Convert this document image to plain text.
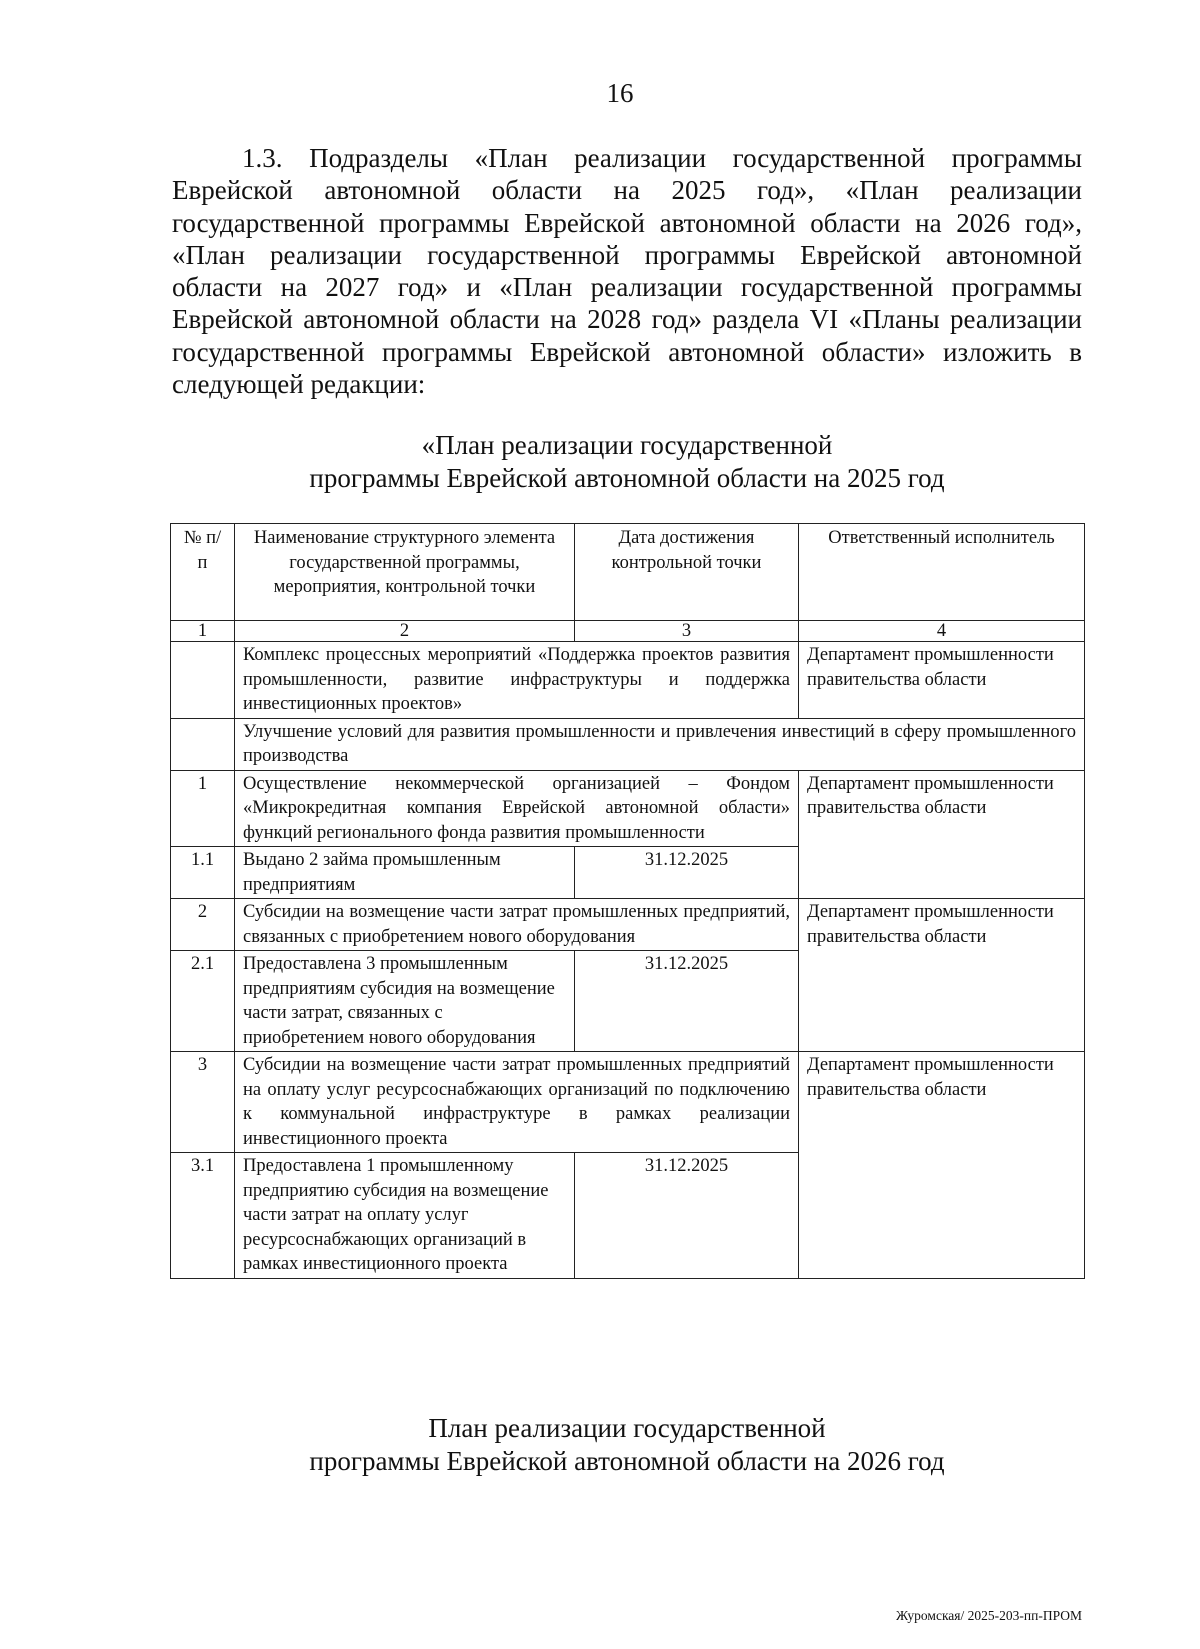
16

1.3. Подразделы «План реализации государственной программы Еврейской автономной области на 2025 год», «План реализации государственной программы Еврейской автономной области на 2026 год», «План реализации государственной программы Еврейской автономной области на 2027 год» и «План реализации государственной программы Еврейской автономной области на 2028 год» раздела VI «Планы реализации государственной программы Еврейской автономной области» изложить в следующей редакции:

«План реализации государственной
программы Еврейской автономной области на 2025 год
№ п/п	Наименование структурного элемента государственной программы, мероприятия, контрольной точки	Дата достижения контрольной точки	Ответственный исполнитель
1	2	3	4
	Комплекс процессных мероприятий «Поддержка проектов развития промышленности, развитие инфраструктуры и поддержка инвестиционных проектов»		Департамент промышленности правительства области
	Улучшение условий для развития промышленности и привлечения инвестиций в сферу промышленного производства		
1	Осуществление некоммерческой организацией – Фондом «Микрокредитная компания Еврейской автономной области» функций регионального фонда развития промышленности		Департамент промышленности правительства области
1.1	Выдано 2 займа промышленным предприятиям	31.12.2025	
2	Субсидии на возмещение части затрат промышленных предприятий, связанных с приобретением нового оборудования		Департамент промышленности правительства области
2.1	Предоставлена 3 промышленным предприятиям субсидия на возмещение части затрат, связанных с приобретением нового оборудования	31.12.2025	
3	Субсидии на возмещение части затрат промышленных предприятий на оплату услуг ресурсоснабжающих организаций по подключению к коммунальной инфраструктуре в рамках реализации инвестиционного проекта		Департамент промышленности правительства области
3.1	Предоставлена 1 промышленному предприятию субсидия на возмещение части затрат на оплату услуг ресурсоснабжающих организаций в рамках инвестиционного проекта	31.12.2025	
План реализации государственной
программы Еврейской автономной области на 2026 год
Журомская/ 2025-203-пп-ПРОМ
